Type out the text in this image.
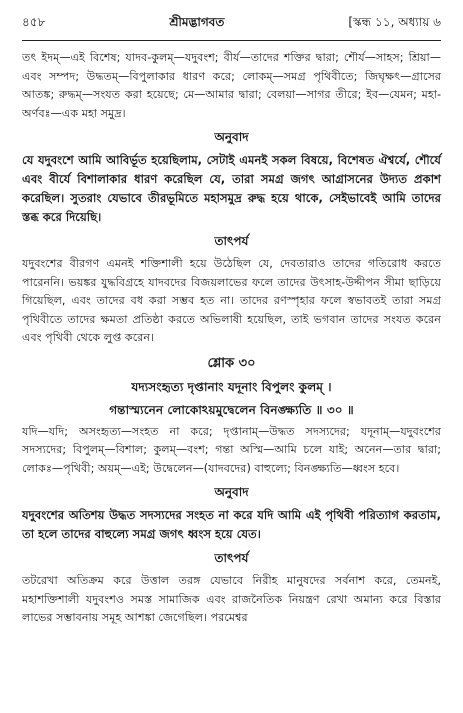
৪৫৮	শ্রীমদ্ভাগবত	[স্কন্ধ ১১, অধ্যায় ৬

তৎ ইদম্—এই বিশেষ; যাদব-কুলম্—যদুবংশ; বীর্য—তাদের শক্তির দ্বারা; শৌর্য—সাহস; শ্রিয়া—এবং সম্পদ; উদ্ধতম্—বিপুলাকার ধারণ করে; লোকম্—সমগ্র পৃথিবীতে; জিঘৃক্ষৎ—গ্রাসের আতঙ্ক; রুদ্ধম্—সংযত করা হয়েছে; মে—আমার দ্বারা; বেলয়া—সাগর তীরে; ইব—যেমন; মহা-অর্ণবঃ—এক মহা সমুদ্র।

অনুবাদ

যে যদুবংশে আমি আবির্ভূত হয়েছিলাম, সেটাই এমনই সকল বিষয়ে, বিশেষত ঐশ্বর্যে, শৌর্যে এবং বীর্যে বিশালাকার ধারণ করেছিল যে, তারা সমগ্র জগৎ আগ্রাসনের উদ্যত প্রকাশ করেছিল। সুতরাং যেভাবে তীরভূমিতে মহাসমুদ্র রুদ্ধ হয়ে থাকে, সেইভাবেই আমি তাদের স্তব্ধ করে দিয়েছি।

তাৎপর্য

যদুবংশের বীরগণ এমনই শক্তিশালী হয়ে উঠেছিল যে, দেবতারাও তাদের গতিরোধ করতে পারেননি। ভয়ঙ্কর যুদ্ধবিগ্রহে যাদবদের বিজয়লাভের ফলে তাদের উৎসাহ-উদ্দীপন সীমা ছাড়িয়ে গিয়েছিল, এবং তাদের বধ করা সম্ভব হত না। তাদের রণস্পৃহার ফলে স্বভাবতই তারা সমগ্র পৃথিবীতে তাদের ক্ষমতা প্রতিষ্ঠা করতে অভিলাষী হয়েছিল, তাই ভগবান তাদের সংযত করেন এবং পৃথিবী থেকে লুপ্ত করেন।

শ্লোক ৩০
যদ্যসংহৃত্য দৃপ্তানাং যদূনাং বিপুলং কুলম্ ।
গন্তাস্ম্যনেন লোকোঽয়মুদ্বেলেন বিনঙ্ক্ষ্যতি ॥ ৩০ ॥

যদি—যদি; অসংহৃত্য—সংহত না করে; দৃপ্তানাম্—উদ্ধত সদস্যদের; যদূনাম্—যদুবংশের সদস্যদের; বিপুলম্—বিশাল; কুলম্—বংশ; গন্তা অস্মি—আমি চলে যাই; অনেন—তার দ্বারা; লোকঃ—পৃথিবী; অয়ম্—এই; উদ্বেলেন—(যাদবদের) বাহুল্যে; বিনঙ্ক্ষ্যতি—ধ্বংস হবে।

অনুবাদ

যদুবংশের অতিশয় উদ্ধত সদস্যদের সংহত না করে যদি আমি এই পৃথিবী পরিত্যাগ করতাম, তা হলে তাদের বাহুল্যে সমগ্র জগৎ ধ্বংস হয়ে যেত।

তাৎপর্য

তটরেখা অতিক্রম করে উত্তাল তরঙ্গ যেভাবে নিরীহ মানুষদের সর্বনাশ করে, তেমনই, মহাশক্তিশালী যদুবংশও সমস্ত সামাজিক এবং রাজনৈতিক নিয়ন্ত্রণ রেখা অমান্য করে বিস্তার লাভের সম্ভাবনায় সমূহ আশঙ্কা জেগেছিল। পরমেশ্বর
